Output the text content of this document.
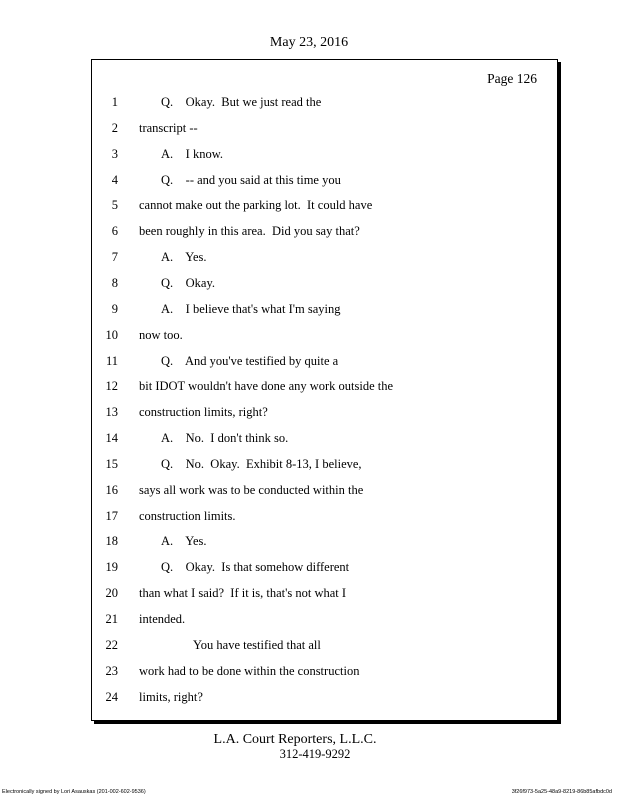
May 23, 2016
Page 126
1	Q.    Okay.  But we just read the
2 transcript --
3	A.    I know.
4	Q.    -- and you said at this time you
5 cannot make out the parking lot.  It could have
6 been roughly in this area.  Did you say that?
7	A.    Yes.
8	Q.    Okay.
9	A.    I believe that's what I'm saying
10 now too.
11	Q.    And you've testified by quite a
12 bit IDOT wouldn't have done any work outside the
13 construction limits, right?
14	A.    No.  I don't think so.
15	Q.    No.  Okay.  Exhibit 8-13, I believe,
16 says all work was to be conducted within the
17 construction limits.
18	A.    Yes.
19	Q.    Okay.  Is that somehow different
20 than what I said?  If it is, that's not what I
21 intended.
22	You have testified that all
23 work had to be done within the construction
24 limits, right?
L.A. Court Reporters, L.L.C.
312-419-9292
Electronically signed by Lori Asauskas (201-002-602-9536)	3f26f973-5a25-48a9-8219-86b85afbdc0d
